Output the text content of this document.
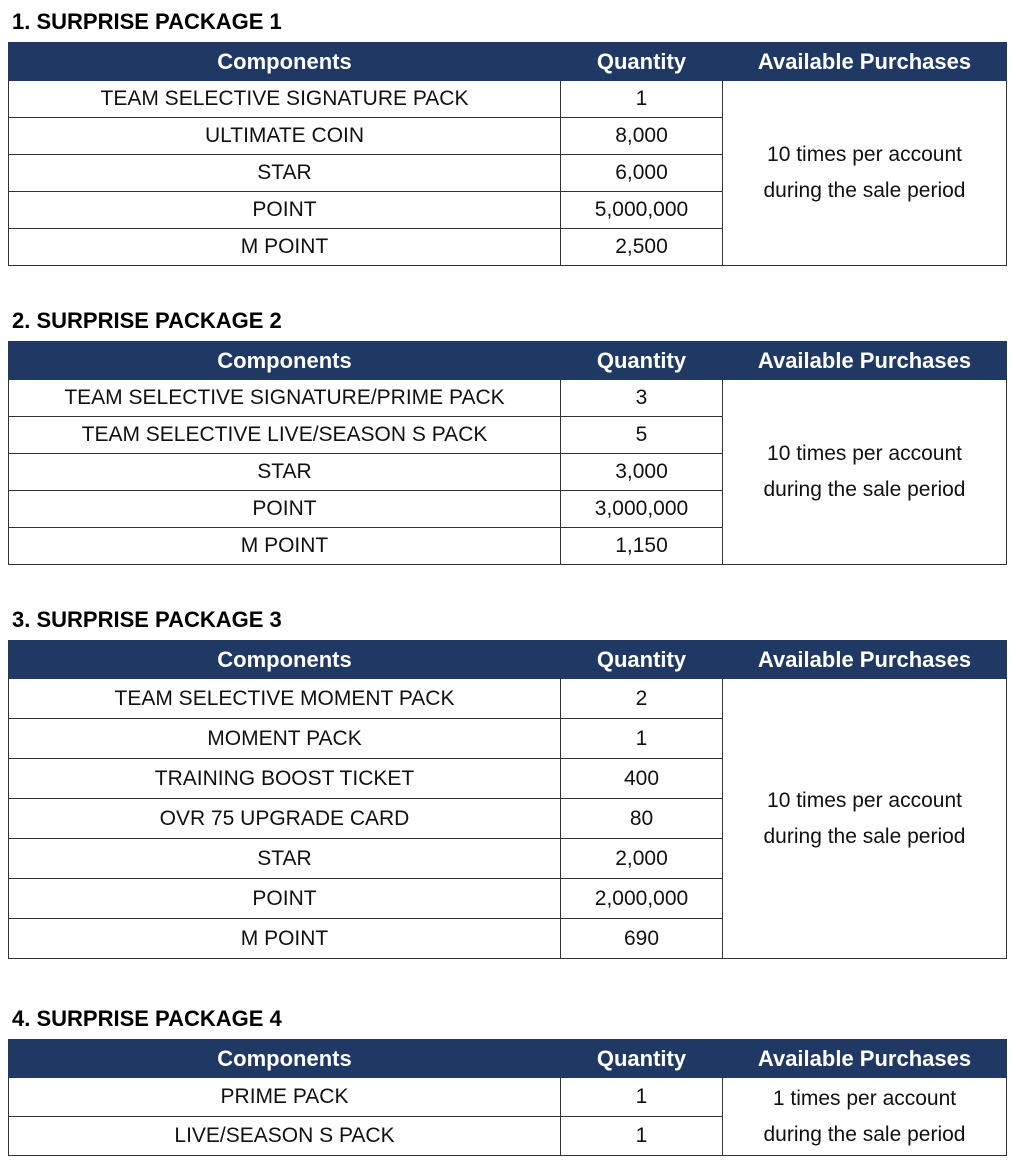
1. SURPRISE PACKAGE 1
Components	Quantity	Available Purchases
TEAM SELECTIVE SIGNATURE PACK	1	10 times per account
during the sale period

ULTIMATE COIN	8,000	
STAR	6,000	
POINT	5,000,000	
M POINT	2,500	
2. SURPRISE PACKAGE 2
Components	Quantity	Available Purchases
TEAM SELECTIVE SIGNATURE/PRIME PACK	3	10 times per account
during the sale period

TEAM SELECTIVE LIVE/SEASON S PACK	5	
STAR	3,000	
POINT	3,000,000	
M POINT	1,150	
3. SURPRISE PACKAGE 3
Components	Quantity	Available Purchases
TEAM SELECTIVE MOMENT PACK	2	10 times per account
during the sale period

MOMENT PACK	1	
TRAINING BOOST TICKET	400	
OVR 75 UPGRADE CARD	80	
STAR	2,000	
POINT	2,000,000	
M POINT	690	
4. SURPRISE PACKAGE 4
Components	Quantity	Available Purchases
PRIME PACK	1	1 times per account
during the sale period

LIVE/SEASON S PACK	1	
